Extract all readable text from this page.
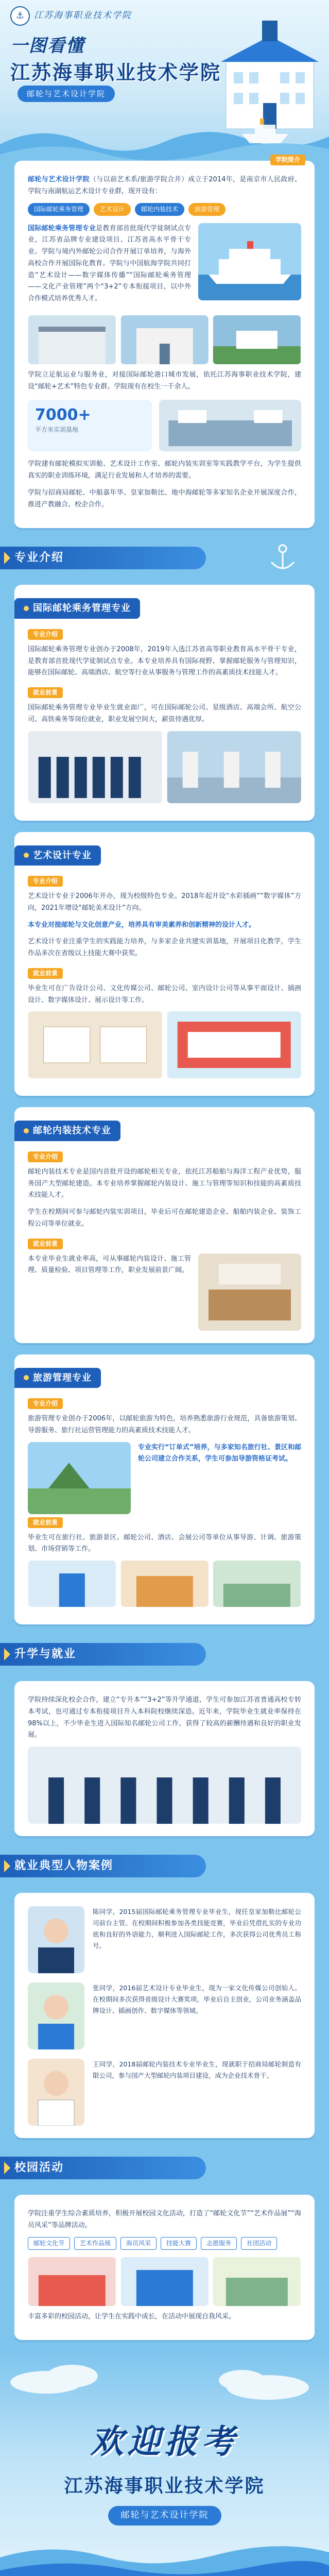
⚓	江苏海事职业技术学院
一图看懂
江苏海事职业技术学院
邮轮与艺术设计学院
学院简介

邮轮与艺术设计学院（与以前艺术系/旅游学院合并）成立于2014年，是南京市人民政府、学院与南湖航运艺术设计专业群，现开设有：

国际邮轮乘务管理	艺术设计	邮轮内装技术	旅游管理

国际邮轮乘务管理专业是教育部首批现代学徒制试点专业，江苏省品牌专业建设项目、江苏省高水平骨干专业。学院与境内外邮轮公司合作开展订单培养，与海外高校合作开展国际化教育。学院与中国航海学院共同打造“艺术设计——数字媒体传播”“国际邮轮乘务管理——文化产业管理”两个“3+2”专本衔接项目，以中外合作模式培养优秀人才。

学院立足航运业与服务业，对接国际邮轮港口城市发展，依托江苏海事职业技术学院，建设“邮轮+艺术”特色专业群。学院现有在校生一千余人。

7000+
平方米实训基地

学院建有邮轮模拟实训舱、艺术设计工作室、邮轮内装实训室等实践教学平台，为学生提供真实的职业训练环境，满足行业发展和人才培养的需要。

学院与招商局邮轮、中船嘉年华、皇家加勒比、地中海邮轮等多家知名企业开展深度合作，推进产教融合、校企合作。

专业介绍
国际邮轮乘务管理专业

专业介绍

国际邮轮乘务管理专业创办于2008年，2019年入选江苏省高等职业教育高水平骨干专业，是教育部首批现代学徒制试点专业。本专业培养具有国际视野、掌握邮轮服务与管理知识，能够在国际邮轮、高端酒店、航空等行业从事服务与管理工作的高素质技术技能人才。

就业前景

国际邮轮乘务管理专业毕业生就业面广，可在国际邮轮公司、星级酒店、高端会所、航空公司、高铁乘务等岗位就业，职业发展空间大，薪资待遇优厚。

艺术设计专业

专业介绍

艺术设计专业于2006年开办，现为校级特色专业。2018年起开设“水彩插画”“数字媒体”方向，2021年增设“邮轮美术设计”方向。

本专业对接邮轮与文化创意产业，培养具有审美素养和创新精神的设计人才。

艺术设计专业注重学生的实践能力培养，与多家企业共建实训基地，开展项目化教学，学生作品多次在省级以上技能大赛中获奖。

就业前景

毕业生可在广告设计公司、文化传媒公司、邮轮公司、室内设计公司等从事平面设计、插画设计、数字媒体设计、展示设计等工作。

邮轮内装技术专业

专业介绍

邮轮内装技术专业是国内首批开设的邮轮相关专业，依托江苏船舶与海洋工程产业优势，服务国产大型邮轮建造。本专业培养掌握邮轮内装设计、施工与管理等知识和技能的高素质技术技能人才。

学生在校期间可参与邮轮内装实训项目，毕业后可在邮轮建造企业、船舶内装企业、装饰工程公司等单位就业。

就业前景

本专业毕业生就业率高，可从事邮轮内装设计、施工管理、质量检验、项目管理等工作，职业发展前景广阔。

旅游管理专业

专业介绍

旅游管理专业创办于2006年，以邮轮旅游为特色，培养熟悉旅游行业规范，具备旅游策划、导游服务、旅行社运营管理能力的高素质技术技能人才。

专业实行“订单式”培养，与多家知名旅行社、景区和邮轮公司建立合作关系，学生可参加导游资格证考试。

就业前景

毕业生可在旅行社、旅游景区、邮轮公司、酒店、会展公司等单位从事导游、计调、旅游策划、市场营销等工作。

升学与就业

学院持续深化校企合作，建立“专升本”“3+2”等升学通道，学生可参加江苏省普通高校专转本考试，也可通过专本衔接项目升入本科院校继续深造。近年来，学院毕业生就业率保持在98%以上，不少毕业生进入国际知名邮轮公司工作，获得了较高的薪酬待遇和良好的职业发展。

就业典型人物案例

陈同学，2015届国际邮轮乘务管理专业毕业生，现任皇家加勒比邮轮公司前台主管。在校期间积极参加各类技能竞赛，毕业后凭借扎实的专业功底和良好的外语能力，顺利进入国际邮轮工作，多次获得公司优秀员工称号。

张同学，2016届艺术设计专业毕业生，现为一家文化传媒公司创始人。在校期间多次获得省级设计大赛奖项，毕业后自主创业，公司业务涵盖品牌设计、插画创作、数字媒体等领域。

王同学，2018届邮轮内装技术专业毕业生，现就职于招商局邮轮制造有限公司，参与国产大型邮轮内装项目建设，成为企业技术骨干。

校园活动

学院注重学生综合素质培养，积极开展校园文化活动，打造了“邮轮文化节”“艺术作品展”“海员风采”等品牌活动。

邮轮文化节	艺术作品展	海员风采	技能大赛	志愿服务	社团活动

丰富多彩的校园活动，让学生在实践中成长，在活动中展现自我风采。

欢迎报考
江苏海事职业技术学院
邮轮与艺术设计学院
